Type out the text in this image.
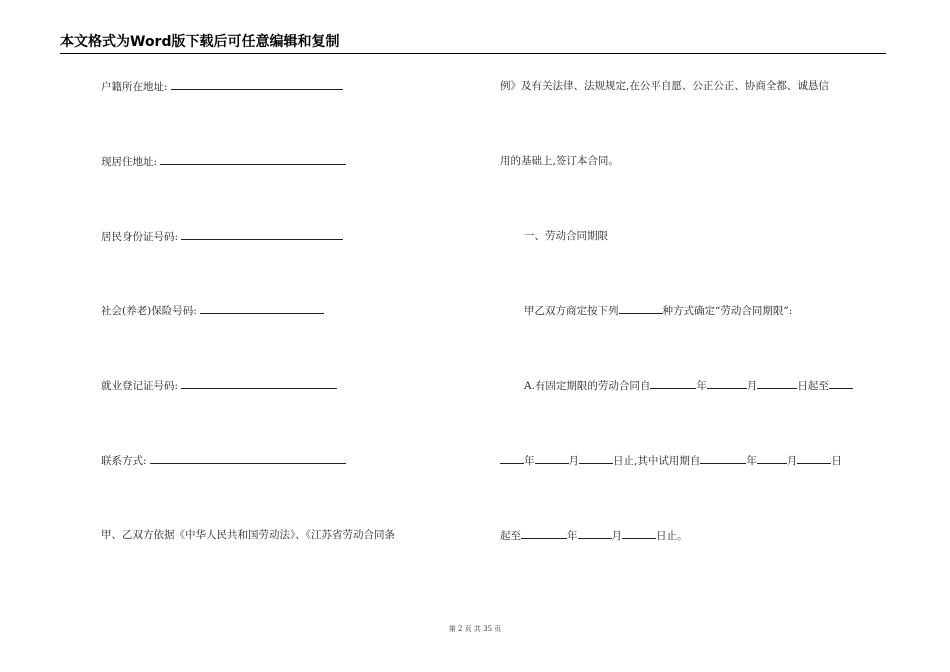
本文格式为Word版下载后可任意编辑和复制
户籍所在地址:
现居住地址:
居民身份证号码:
社会(养老)保险号码:
就业登记证号码:
联系方式:
甲、乙双方依据《中华人民共和国劳动法》、《江苏省劳动合同条
例》及有关法律、法规规定,在公平自愿、公正公正、协商全都、诚恳信
用的基础上,签订本合同。
一、劳动合同期限
甲乙双方商定按下列	种方式确定“劳动合同期限”:
A.有固定期限的劳动合同自	年	月	日起至
年	月	日止,其中试用期自	年	月	日
起至	年	月	日止。
第 2 页 共 35 页
